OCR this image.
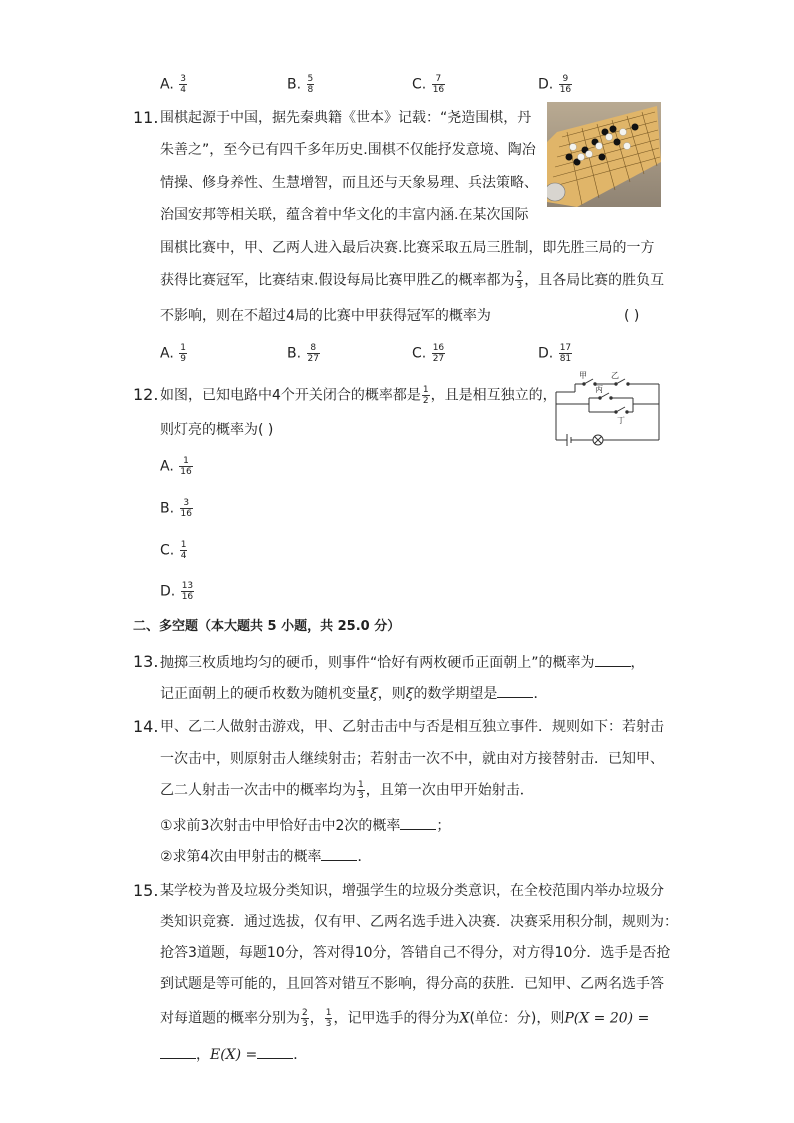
A. $\frac{3}{4}$	B. $\frac{5}{8}$	C. $\frac{7}{16}$	D. $\frac{9}{16}$
11. 围棋起源于中国，据先秦典籍《世本》记载：“尧造围棋，丹
朱善之”，至今已有四千多年历史.围棋不仅能抒发意境、陶冶
情操、修身养性、生慧增智，而且还与天象易理、兵法策略、
治国安邦等相关联，蕴含着中华文化的丰富内涵.在某次国际
围棋比赛中，甲、乙两人进入最后决赛.比赛采取五局三胜制，即先胜三局的一方
获得比赛冠军，比赛结束.假设每局比赛甲胜乙的概率都为 $\frac{2}{3}$ ，且各局比赛的胜负互
不影响，则在不超过4局的比赛中甲获得冠军的概率为	( )
A. $\frac{1}{9}$	B. $\frac{8}{27}$	C. $\frac{16}{27}$	D. $\frac{17}{81}$
12. 如图，已知电路中4个开关闭合的概率都是 $\frac{1}{2}$ ，且是相互独立的，
则灯亮的概率为( )
甲	乙
丙
丁
A. $\frac{1}{16}$
B. $\frac{3}{16}$
C. $\frac{1}{4}$
D. $\frac{13}{16}$
二、多空题（本大题共 5 小题，共 25.0 分）
13. 抛掷三枚质地均匀的硬币，则事件“恰好有两枚硬币正面朝上”的概率为	，
记正面朝上的硬币枚数为随机变量ξ，则ξ的数学期望是	．
14. 甲、乙二人做射击游戏，甲、乙射击击中与否是相互独立事件．规则如下：若射击
一次击中，则原射击人继续射击；若射击一次不中，就由对方接替射击．已知甲、
乙二人射击一次击中的概率均为 $\frac{1}{3}$ ，且第一次由甲开始射击．
①求前3次射击中甲恰好击中2次的概率	；
②求第4次由甲射击的概率	．
15. 某学校为普及垃圾分类知识，增强学生的垃圾分类意识，在全校范围内举办垃圾分
类知识竞赛．通过选拔，仅有甲、乙两名选手进入决赛．决赛采用积分制，规则为：
抢答3道题，每题10分，答对得10分，答错自己不得分，对方得10分．选手是否抢
到试题是等可能的，且回答对错互不影响，得分高的获胜．已知甲、乙两名选手答
对每道题的概率分别为 $\frac{2}{3}$ ， $\frac{1}{3}$ ，记甲选手的得分为X(单位：分)，则P(X = 20) =
，E(X) =	．
